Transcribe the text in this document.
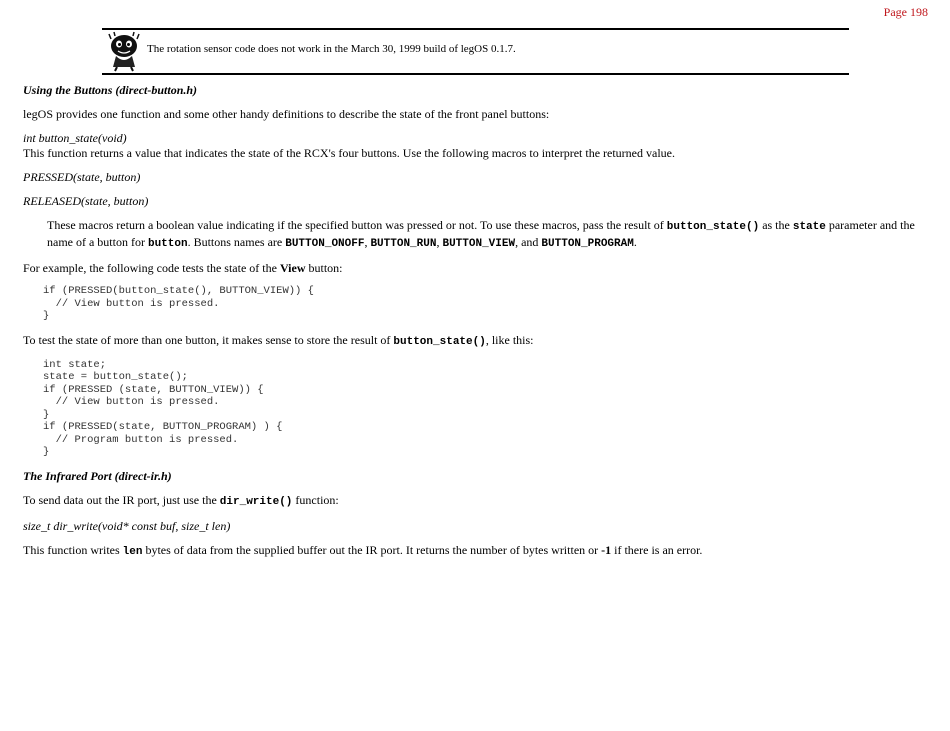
Page 198
The rotation sensor code does not work in the March 30, 1999 build of legOS 0.1.7.

Using the Buttons (direct-button.h)

legOS provides one function and some other handy definitions to describe the state of the front panel buttons:

int button_state(void)

This function returns a value that indicates the state of the RCX's four buttons. Use the following macros to interpret the returned value.

PRESSED(state, button)

RELEASED(state, button)

These macros return a boolean value indicating if the specified button was pressed or not. To use these macros, pass the result of button_state() as the state parameter and the name of a button for button. Buttons names are BUTTON_ONOFF, BUTTON_RUN, BUTTON_VIEW, and BUTTON_PROGRAM.

For example, the following code tests the state of the View button:

if (PRESSED(button_state(), BUTTON_VIEW)) {
// View button is pressed.
}

To test the state of more than one button, it makes sense to store the result of button_state(), like this:

int state;
state = button_state();
if (PRESSED (state, BUTTON_VIEW)) {
// View button is pressed.
}
if (PRESSED(state, BUTTON_PROGRAM) ) {
// Program button is pressed.
}

The Infrared Port (direct-ir.h)

To send data out the IR port, just use the dir_write() function:

size_t dir_write(void* const buf, size_t len)

This function writes len bytes of data from the supplied buffer out the IR port. It returns the number of bytes written or -1 if there is an error.
